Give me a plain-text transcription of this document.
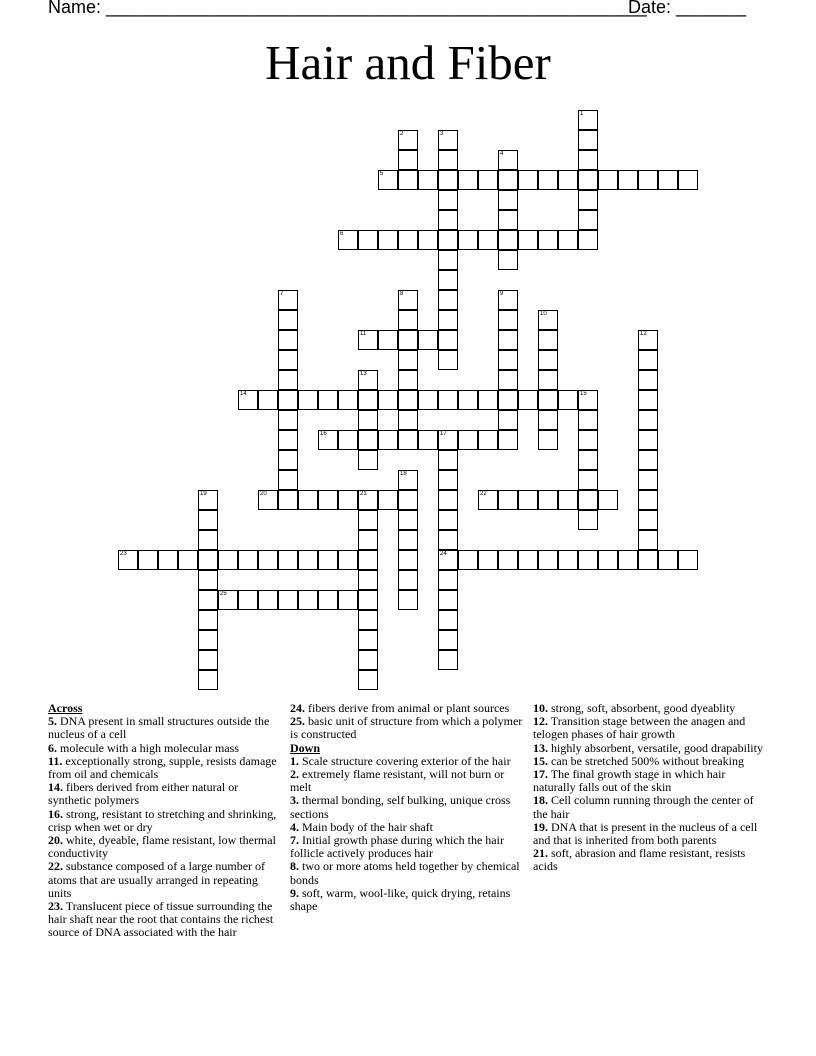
Name: ______________________________________________________
Date: _______
Hair and Fiber
1
2	3
4
5
6
7	8	9
10
11	12
13
14	15
16	17
24
18
19	20	21	22
23
25

Across

5. DNA present in small structures outside the nucleus of a cell

6. molecule with a high molecular mass

11. exceptionally strong, supple, resists damage from oil and chemicals

14. fibers derived from either natural or synthetic polymers

16. strong, resistant to stretching and shrinking, crisp when wet or dry

20. white, dyeable, flame resistant, low thermal conductivity

22. substance composed of a large number of atoms that are usually arranged in repeating units

23. Translucent piece of tissue surrounding the hair shaft near the root that contains the richest source of DNA associated with the hair

24. fibers derive from animal or plant sources

25. basic unit of structure from which a polymer is constructed

Down

1. Scale structure covering exterior of the hair

2. extremely flame resistant, will not burn or melt

3. thermal bonding, self bulking, unique cross sections

4. Main body of the hair shaft

7. Initial growth phase during which the hair follicle actively produces hair

8. two or more atoms held together by chemical bonds

9. soft, warm, wool-like, quick drying, retains shape

10. strong, soft, absorbent, good dyeablity

12. Transition stage between the anagen and telogen phases of hair growth

13. highly absorbent, versatile, good drapability

15. can be stretched 500% without breaking

17. The final growth stage in which hair naturally falls out of the skin

18. Cell column running through the center of the hair

19. DNA that is present in the nucleus of a cell and that is inherited from both parents

21. soft, abrasion and flame resistant, resists acids
